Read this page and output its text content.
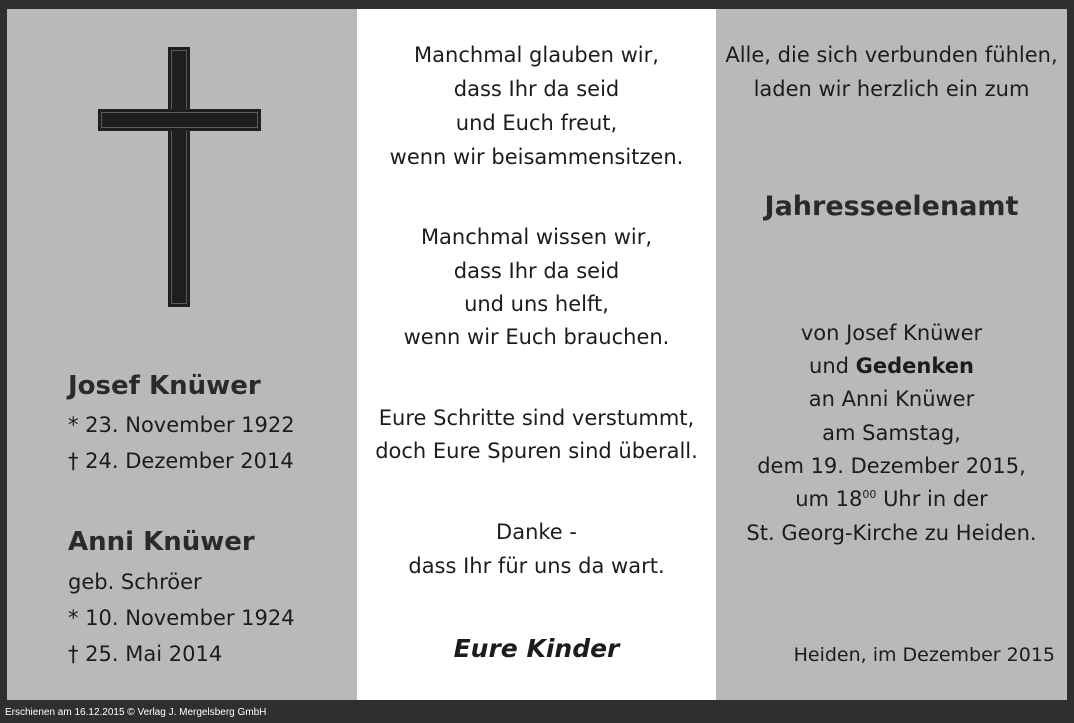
Josef Knüwer
* 23. November 1922
† 24. Dezember 2014
Anni Knüwer
geb. Schröer
* 10. November 1924
† 25. Mai 2014
Manchmal glauben wir,
dass Ihr da seid
und Euch freut,
wenn wir beisammensitzen.
Manchmal wissen wir,
dass Ihr da seid
und uns helft,
wenn wir Euch brauchen.
Eure Schritte sind verstummt,
doch Eure Spuren sind überall.
Danke -
dass Ihr für uns da wart.
Eure Kinder
Alle, die sich verbunden fühlen,
laden wir herzlich ein zum
Jahresseelenamt
von Josef Knüwer
und Gedenken
an Anni Knüwer
am Samstag,
dem 19. Dezember 2015,
um $18^{00}$ Uhr in der
St. Georg-Kirche zu Heiden.
Heiden, im Dezember 2015
Erschienen am 16.12.2015 © Verlag J. Mergelsberg GmbH
